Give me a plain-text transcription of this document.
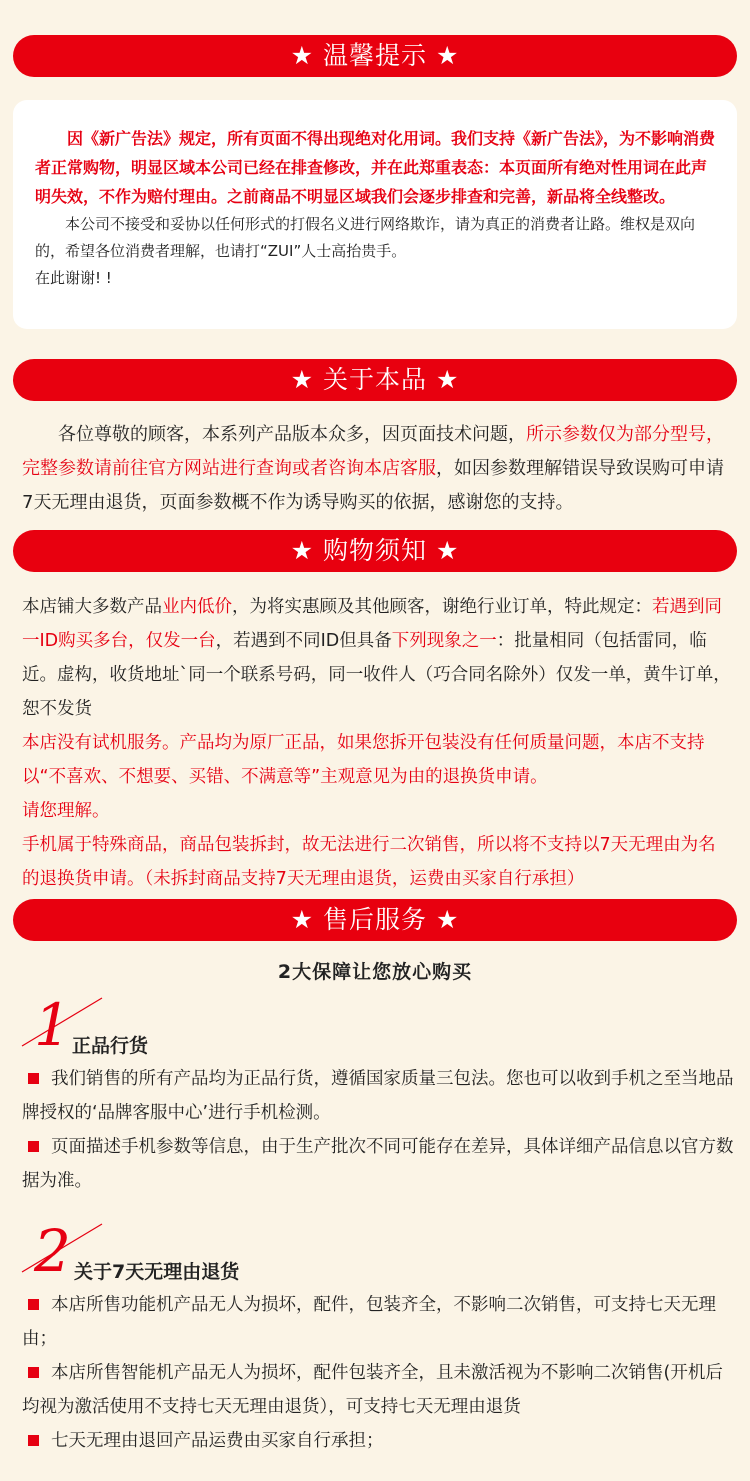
★ 温馨提示 ★

因《新广告法》规定，所有页面不得出现绝对化用词。我们支持《新广告法》，为不影响消费者正常购物，明显区域本公司已经在排查修改，并在此郑重表态：本页面所有绝对性用词在此声明失效，不作为赔付理由。之前商品不明显区域我们会逐步排查和完善，新品将全线整改。

本公司不接受和妥协以任何形式的打假名义进行网络欺诈，请为真正的消费者让路。维权是双向的，希望各位消费者理解，也请打“ZUI”人士高抬贵手。

在此谢谢! !

★ 关于本品 ★

各位尊敬的顾客，本系列产品版本众多，因页面技术问题，所示参数仅为部分型号，完整参数请前往官方网站进行查询或者咨询本店客服，如因参数理解错误导致误购可申请7天无理由退货，页面参数概不作为诱导购买的依据，感谢您的支持。

★ 购物须知 ★

本店铺大多数产品业内低价，为将实惠顾及其他顾客，谢绝行业订单，特此规定：若遇到同一ID购买多台，仅发一台，若遇到不同ID但具备下列现象之一：批量相同（包括雷同，临近。虚构，收货地址`同一个联系号码，同一收件人（巧合同名除外）仅发一单，黄牛订单，恕不发货

本店没有试机服务。产品均为原厂正品，如果您拆开包装没有任何质量问题，本店不支持以“不喜欢、不想要、买错、不满意等”主观意见为由的退换货申请。

请您理解。

手机属于特殊商品，商品包装拆封，故无法进行二次销售，所以将不支持以7天无理由为名的退换货申请。（未拆封商品支持7天无理由退货，运费由买家自行承担）

★ 售后服务 ★
2大保障让您放心购买
1 正品行货

我们销售的所有产品均为正品行货，遵循国家质量三包法。您也可以收到手机之至当地品牌授权的‘品牌客服中心’进行手机检测。

页面描述手机参数等信息，由于生产批次不同可能存在差异，具体详细产品信息以官方数据为准。

2 关于7天无理由退货

本店所售功能机产品无人为损坏，配件，包装齐全，不影响二次销售，可支持七天无理由；

本店所售智能机产品无人为损坏，配件包装齐全，且未激活视为不影响二次销售(开机后均视为激活使用不支持七天无理由退货），可支持七天无理由退货

七天无理由退回产品运费由买家自行承担；
